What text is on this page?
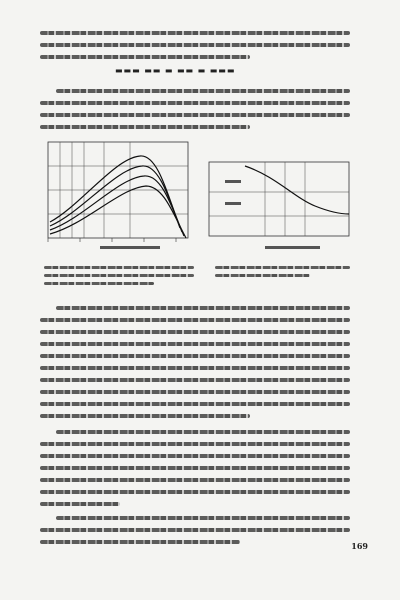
▬▬▬ ▬▬ ▬ ▬▬ ▬ ▬▬▬
169
